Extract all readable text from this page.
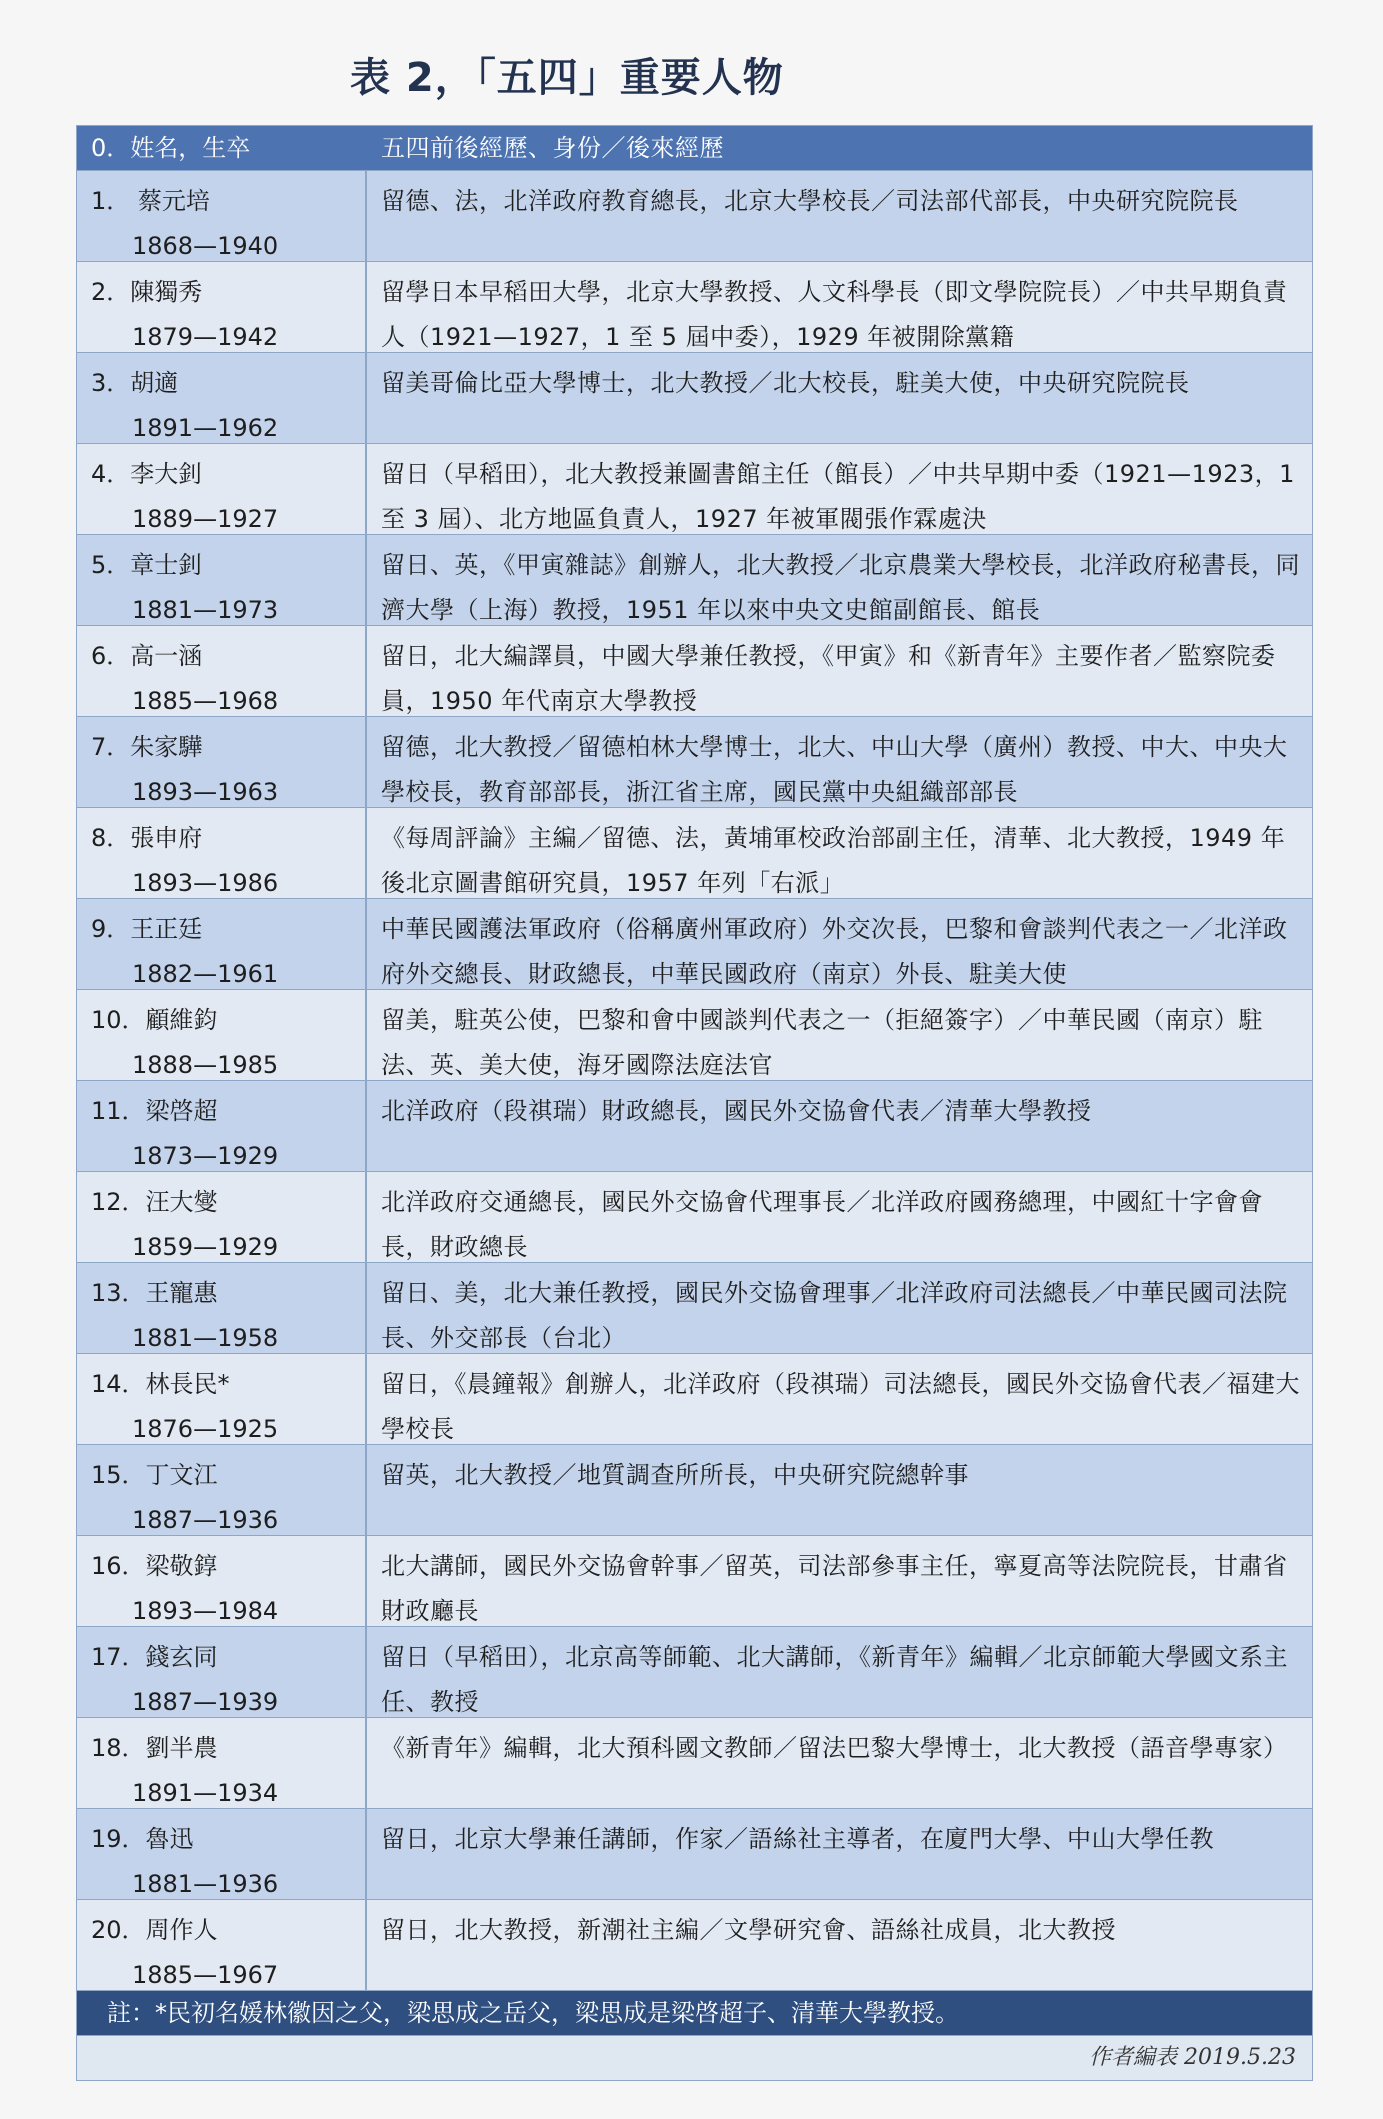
表 2，「五四」重要人物
0．姓名，生卒	五四前後經歷、身份／後來經歷
1． 蔡元培
1868—1940
留德、法，北洋政府教育總長，北京大學校長／司法部代部長，中央研究院院長
2．陳獨秀
1879—1942
留學日本早稻田大學，北京大學教授、人文科學長（即文學院院長）／中共早期負責人（1921—1927，1 至 5 屆中委），1929 年被開除黨籍
3．胡適
1891—1962
留美哥倫比亞大學博士，北大教授／北大校長，駐美大使，中央研究院院長
4．李大釗
1889—1927
留日（早稻田），北大教授兼圖書館主任（館長）／中共早期中委（1921—1923，1 至 3 屆）、北方地區負責人，1927 年被軍閥張作霖處決
5．章士釗
1881—1973
留日、英，《甲寅雜誌》創辦人，北大教授／北京農業大學校長，北洋政府秘書長，同濟大學（上海）教授，1951 年以來中央文史館副館長、館長
6．高一涵
1885—1968
留日，北大編譯員，中國大學兼任教授，《甲寅》和《新青年》主要作者／監察院委員，1950 年代南京大學教授
7．朱家驊
1893—1963
留德，北大教授／留德柏林大學博士，北大、中山大學（廣州）教授、中大、中央大學校長，教育部部長，浙江省主席，國民黨中央組織部部長
8．張申府
1893—1986
《每周評論》主編／留德、法，黃埔軍校政治部副主任，清華、北大教授，1949 年後北京圖書館研究員，1957 年列「右派」
9．王正廷
1882—1961
中華民國護法軍政府（俗稱廣州軍政府）外交次長，巴黎和會談判代表之一／北洋政府外交總長、財政總長，中華民國政府（南京）外長、駐美大使
10．顧維鈞
1888—1985
留美，駐英公使，巴黎和會中國談判代表之一（拒絕簽字）／中華民國（南京）駐法、英、美大使，海牙國際法庭法官
11．梁啓超
1873—1929
北洋政府（段祺瑞）財政總長，國民外交協會代表／清華大學教授
12．汪大燮
1859—1929
北洋政府交通總長，國民外交協會代理事長／北洋政府國務總理，中國紅十字會會長，財政總長
13．王寵惠
1881—1958
留日、美，北大兼任教授，國民外交協會理事／北洋政府司法總長／中華民國司法院長、外交部長（台北）
14．林長民*
1876—1925
留日，《晨鐘報》創辦人，北洋政府（段祺瑞）司法總長，國民外交協會代表／福建大學校長
15．丁文江
1887—1936
留英，北大教授／地質調查所所長，中央研究院總幹事
16．梁敬錞
1893—1984
北大講師，國民外交協會幹事／留英，司法部參事主任，寧夏高等法院院長，甘肅省財政廳長
17．錢玄同
1887—1939
留日（早稻田），北京高等師範、北大講師，《新青年》編輯／北京師範大學國文系主任、教授
18．劉半農
1891—1934
《新青年》編輯，北大預科國文教師／留法巴黎大學博士，北大教授（語音學專家）
19．魯迅
1881—1936
留日，北京大學兼任講師，作家／語絲社主導者，在廈門大學、中山大學任教
20．周作人
1885—1967
留日，北大教授，新潮社主編／文學研究會、語絲社成員，北大教授
註：*民初名媛林徽因之父，梁思成之岳父，梁思成是梁啓超子、清華大學教授。
作者編表 2019.5.23
